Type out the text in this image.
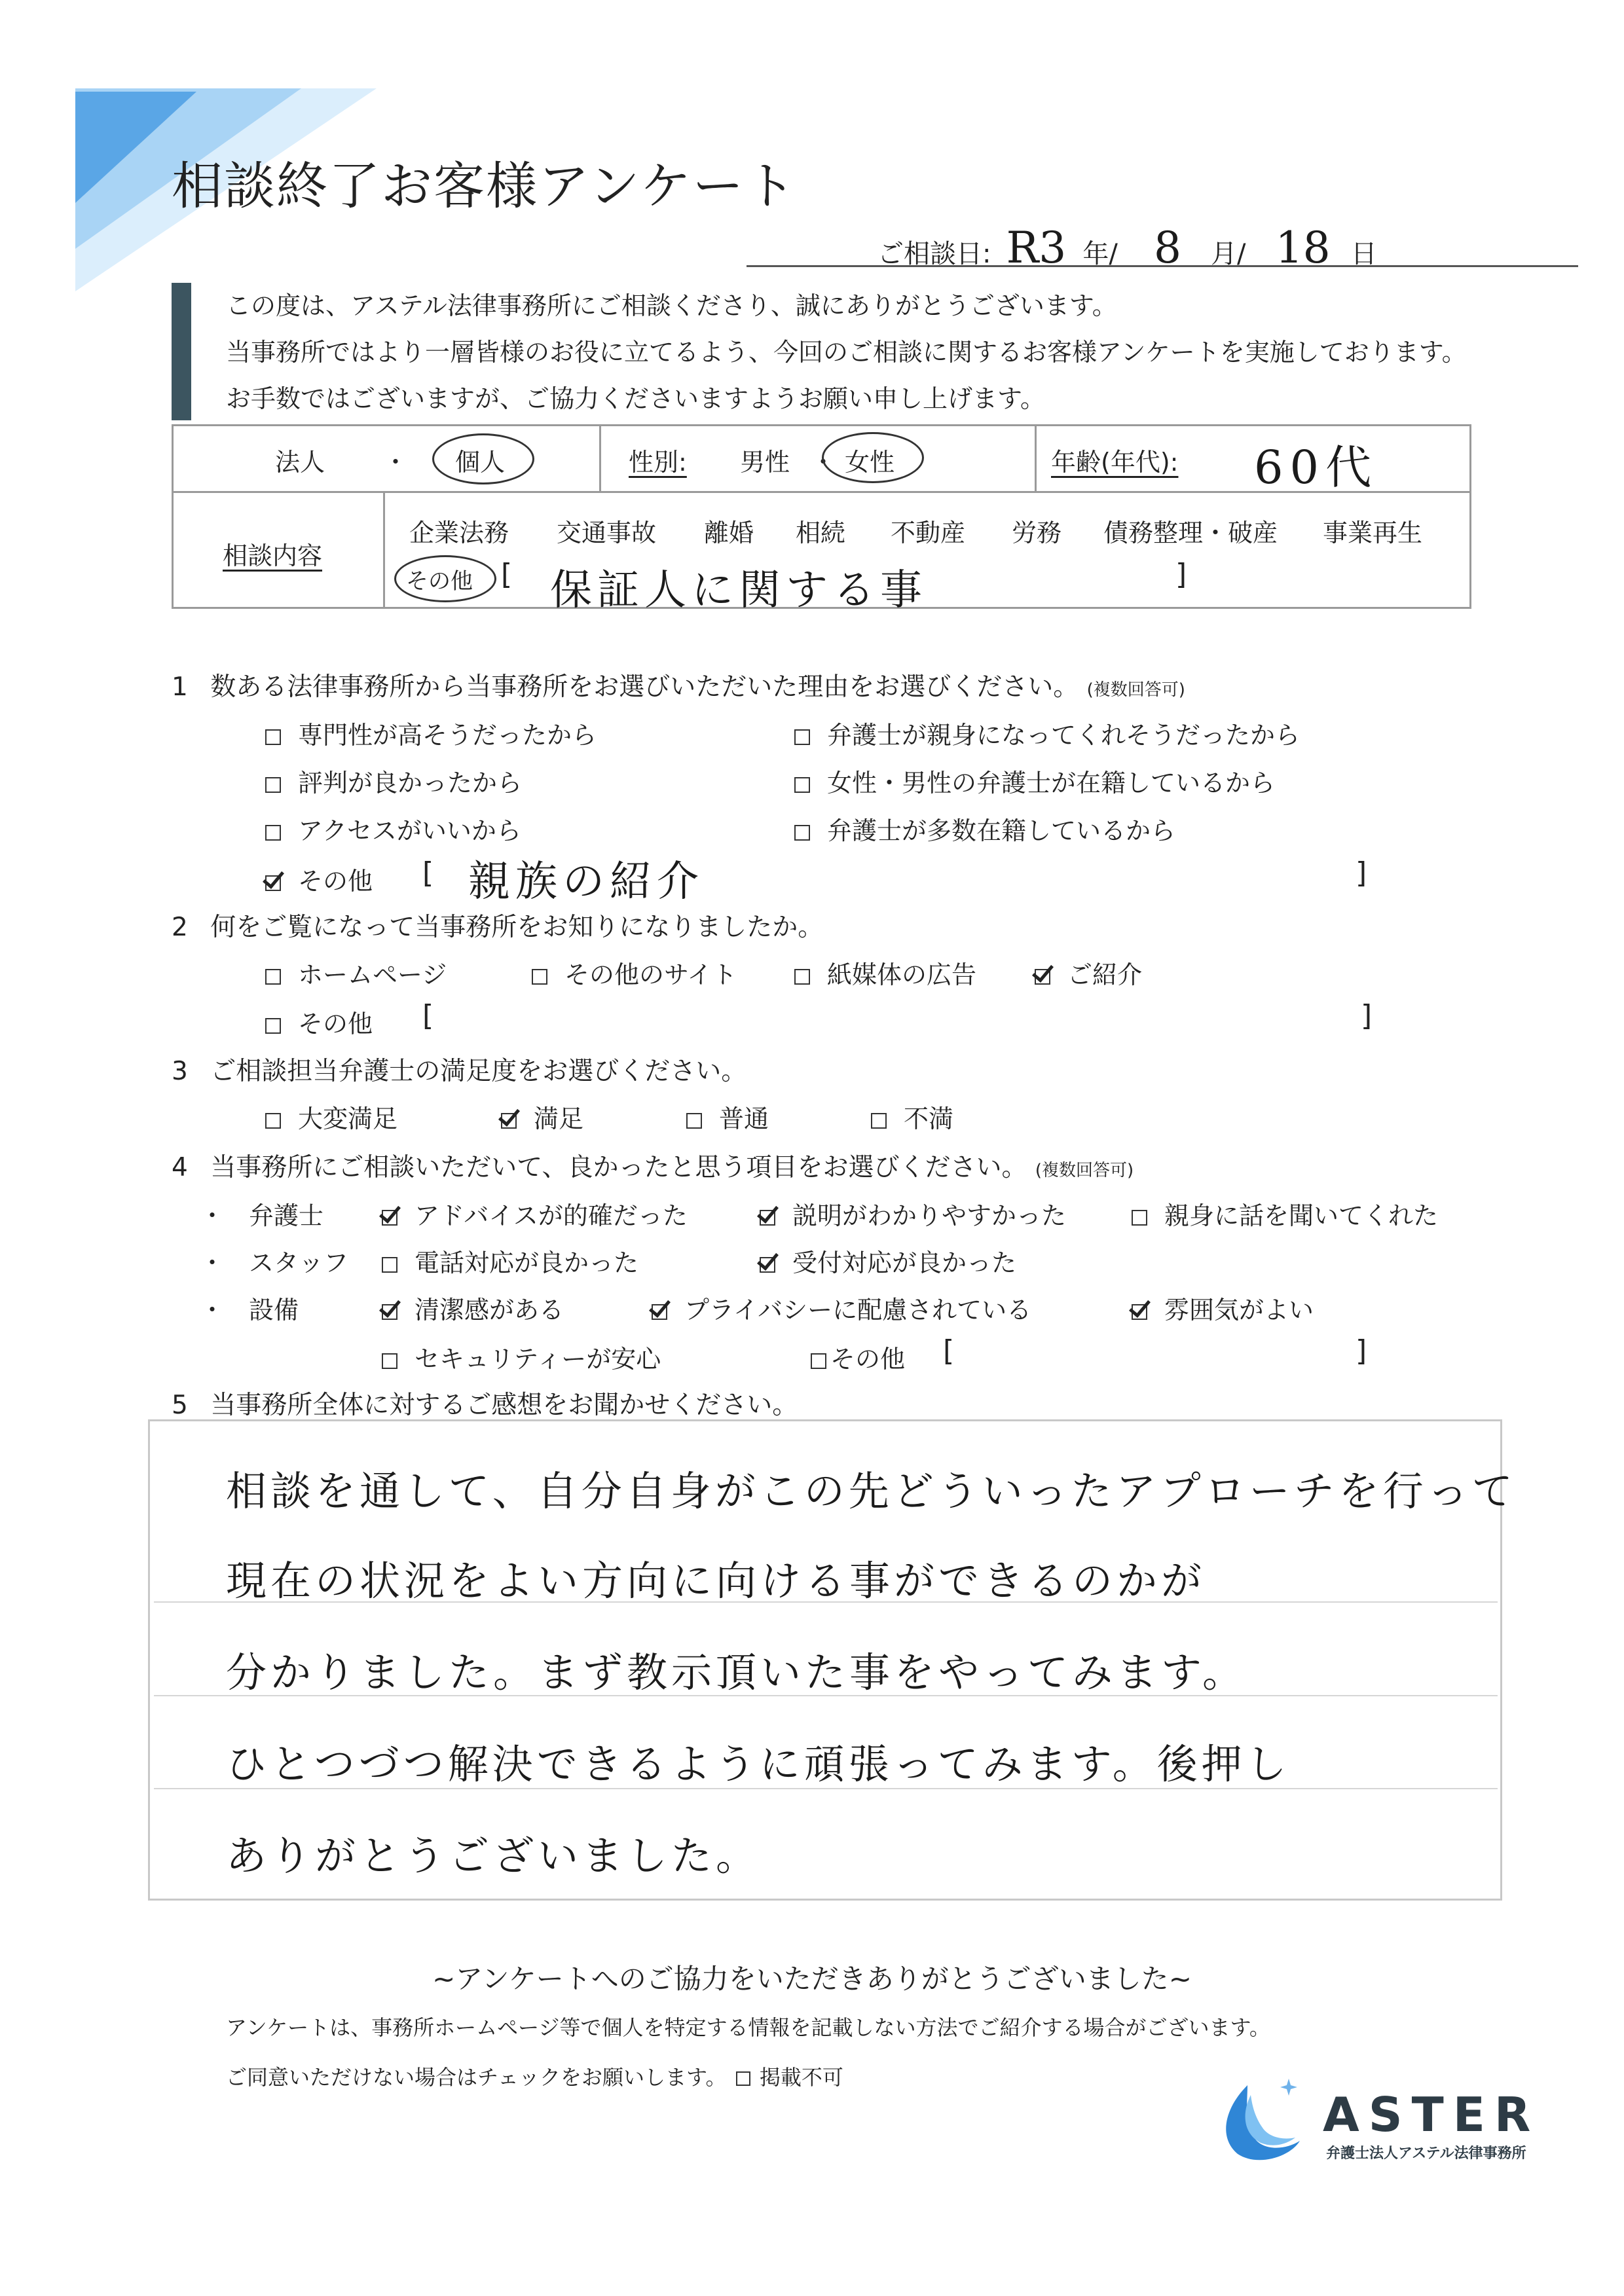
相談終了お客様アンケート
ご相談日: R3 年/ 8 月/ 18 日

この度は、アステル法律事務所にご相談くださり、誠にありがとうございます。

当事務所ではより一層皆様のお役に立てるよう、今回のご相談に関するお客様アンケートを実施しております。

お手数ではございますが、ご協力くださいますようお願い申し上げます。

法人 ・ 個人	性別: 男性 ・ 女性	年齢(年代): 60代
相談内容
企業法務 交通事故 離婚 相続 不動産 労務 債務整理・破産 事業再生
その他 [ 保証人に関する事	]
1 数ある法律事務所から当事務所をお選びいただいた理由をお選びください。 (複数回答可)
専門性が高そうだったから
評判が良かったから
アクセスがいいから
弁護士が親身になってくれそうだったから
女性・男性の弁護士が在籍しているから
弁護士が多数在籍しているから
その他 [ 親族の紹介	]
2 何をご覧になって当事務所をお知りになりましたか。
ホームページ	その他のサイト	紙媒体の広告	ご紹介
その他 [	]
3 ご相談担当弁護士の満足度をお選びください。
大変満足	満足	普通	不満
4 当事務所にご相談いただいて、良かったと思う項目をお選びください。 (複数回答可)
・ 弁護士	アドバイスが的確だった	説明がわかりやすかった	親身に話を聞いてくれた
・ スタッフ	電話対応が良かった	受付対応が良かった
・ 設備	清潔感がある	プライバシーに配慮されている	雰囲気がよい
セキュリティーが安心	その他 [	]
5 当事務所全体に対するご感想をお聞かせください。
相談を通して、自分自身がこの先どういったアプローチを行って
現在の状況をよい方向に向ける事ができるのかが
分かりました。まず教示頂いた事をやってみます。
ひとつづつ解決できるように頑張ってみます。後押し
ありがとうございました。
~アンケートへのご協力をいただきありがとうございました~
アンケートは、事務所ホームページ等で個人を特定する情報を記載しない方法でご紹介する場合がございます。
ご同意いただけない場合はチェックをお願いします。 掲載不可
ASTER
弁護士法人アステル法律事務所
